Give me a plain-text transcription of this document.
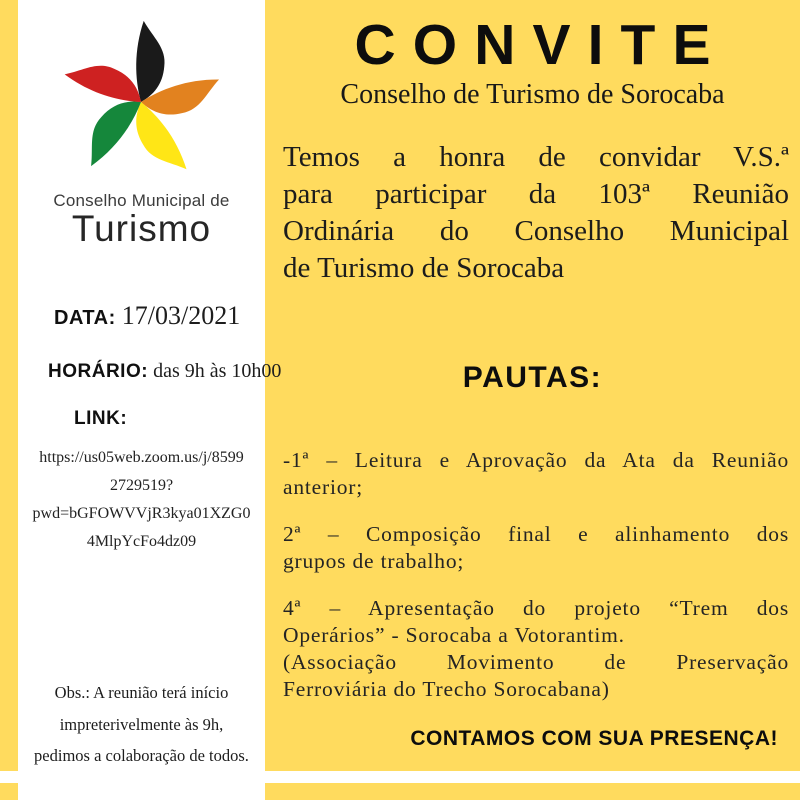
Conselho Municipal de
Turismo
DATA: 17/03/2021
HORÁRIO: das 9h às 10h00
LINK:
https://us05web.zoom.us/j/8599
2729519?
pwd=bGFOWVVjR3kya01XZG0
4MlpYcFo4dz09
Obs.: A reunião terá início
impreterivelmente às 9h,
pedimos a colaboração de todos.
CONVITE
Conselho de Turismo de Sorocaba
Temos a honra de convidar V.S.ª
para participar da 103ª Reunião
Ordinária do Conselho Municipal
de Turismo de Sorocaba
PAUTAS:
-1ª – Leitura e Aprovação da Ata da Reunião
anterior;
2ª – Composição final e alinhamento dos
grupos de trabalho;
4ª – Apresentação do projeto “Trem dos
Operários” - Sorocaba a Votorantim.
(Associação Movimento de Preservação
Ferroviária do Trecho Sorocabana)
CONTAMOS COM SUA PRESENÇA!
